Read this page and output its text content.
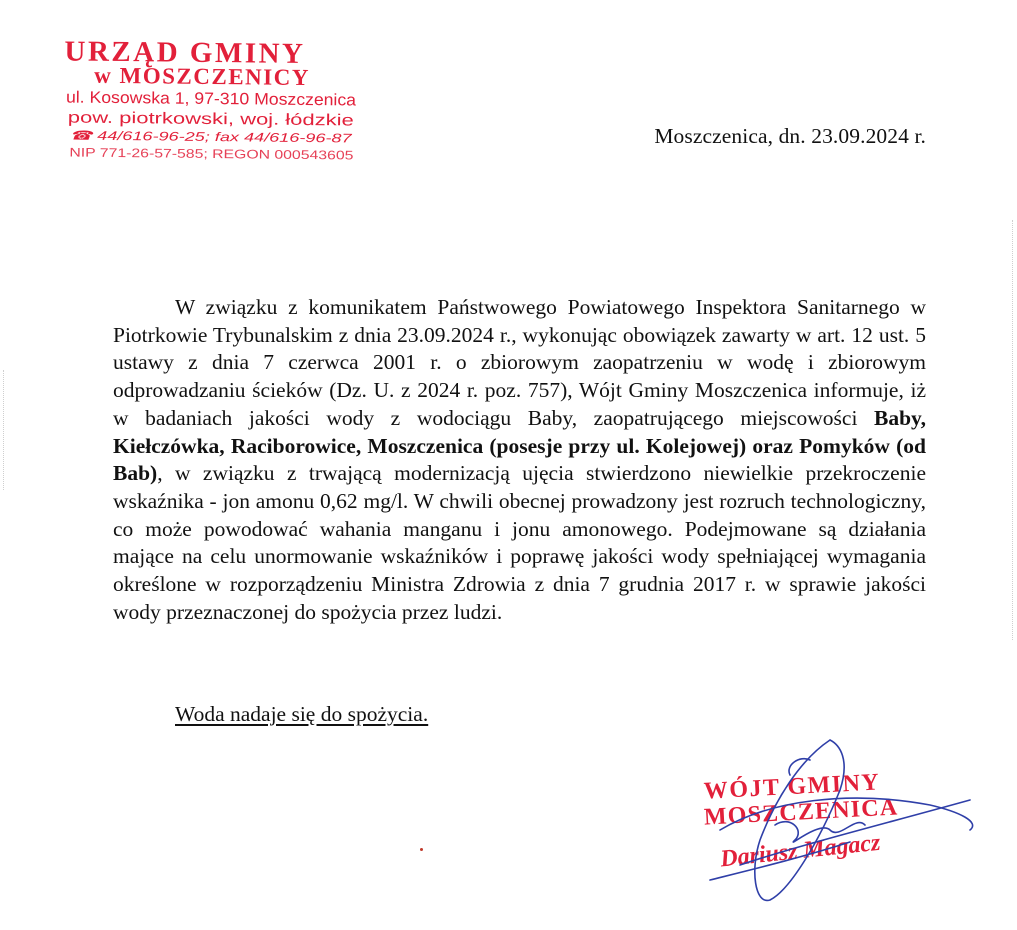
URZĄD GMINY
w MOSZCZENICY
ul. Kosowska 1, 97-310 Moszczenica
pow. piotrkowski, woj. łódzkie
☎ 44/616-96-25; fax 44/616-96-87
NIP 771-26-57-585; REGON 000543605
Moszczenica, dn. 23.09.2024 r.

W związku z komunikatem Państwowego Powiatowego Inspektora Sanitarnego w Piotrkowie Trybunalskim z dnia 23.09.2024 r., wykonując obowiązek zawarty w art. 12 ust. 5 ustawy z dnia 7 czerwca 2001 r. o zbiorowym zaopatrzeniu w wodę i zbiorowym odprowadzaniu ścieków (Dz. U. z 2024 r. poz. 757), Wójt Gminy Moszczenica informuje, iż w badaniach jakości wody z wodociągu Baby, zaopatrującego miejscowości Baby, Kiełczówka, Raciborowice, Moszczenica (posesje przy ul. Kolejowej) oraz Pomyków (od Bab), w związku z trwającą modernizacją ujęcia stwierdzono niewielkie przekroczenie wskaźnika - jon amonu 0,62 mg/l. W chwili obecnej prowadzony jest rozruch technologiczny, co może powodować wahania manganu i jonu amonowego. Podejmowane są działania mające na celu unormowanie wskaźników i poprawę jakości wody spełniającej wymagania określone w rozporządzeniu Ministra Zdrowia z dnia 7 grudnia 2017 r. w sprawie jakości wody przeznaczonej do spożycia przez ludzi.

Woda nadaje się do spożycia.
WÓJT GMINY
MOSZCZENICA
Dariusz Magacz
